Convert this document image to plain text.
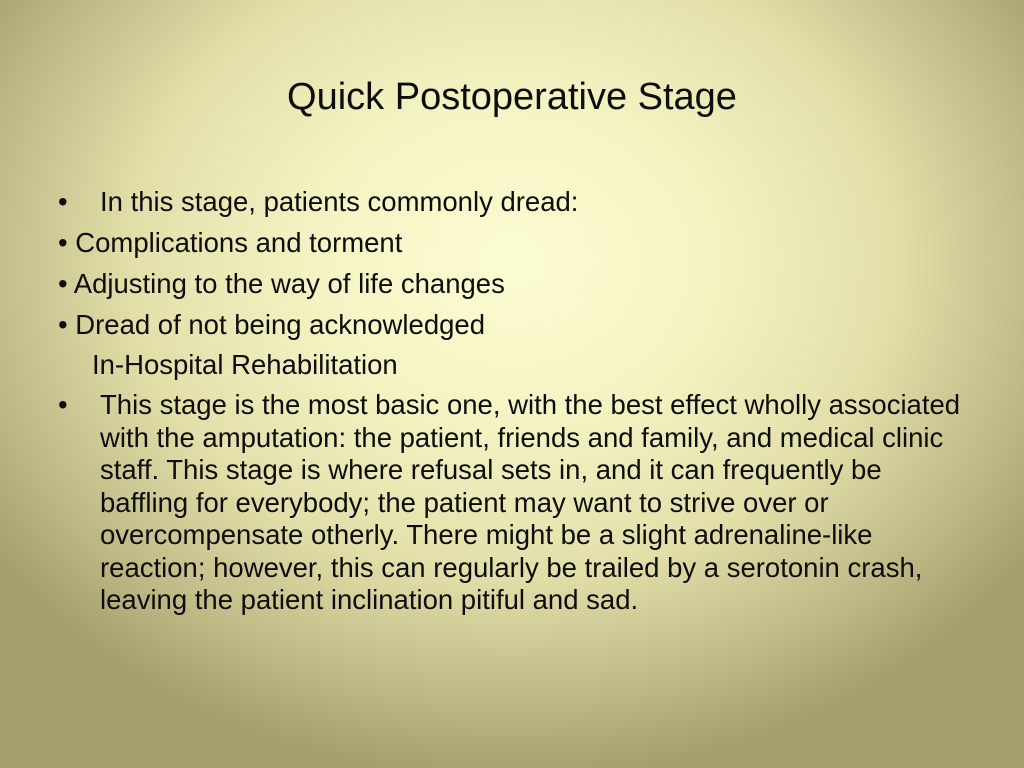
Quick Postoperative Stage
•	In this stage, patients commonly dread:
• Complications and torment
• Adjusting to the way of life changes
• Dread of not being acknowledged
In-Hospital Rehabilitation
•	This stage is the most basic one, with the best effect wholly associated with the amputation: the patient, friends and family, and medical clinic staff. This stage is where refusal sets in, and it can frequently be baffling for everybody; the patient may want to strive over or overcompensate otherly. There might be a slight adrenaline-like reaction; however, this can regularly be trailed by a serotonin crash, leaving the patient inclination pitiful and sad.
